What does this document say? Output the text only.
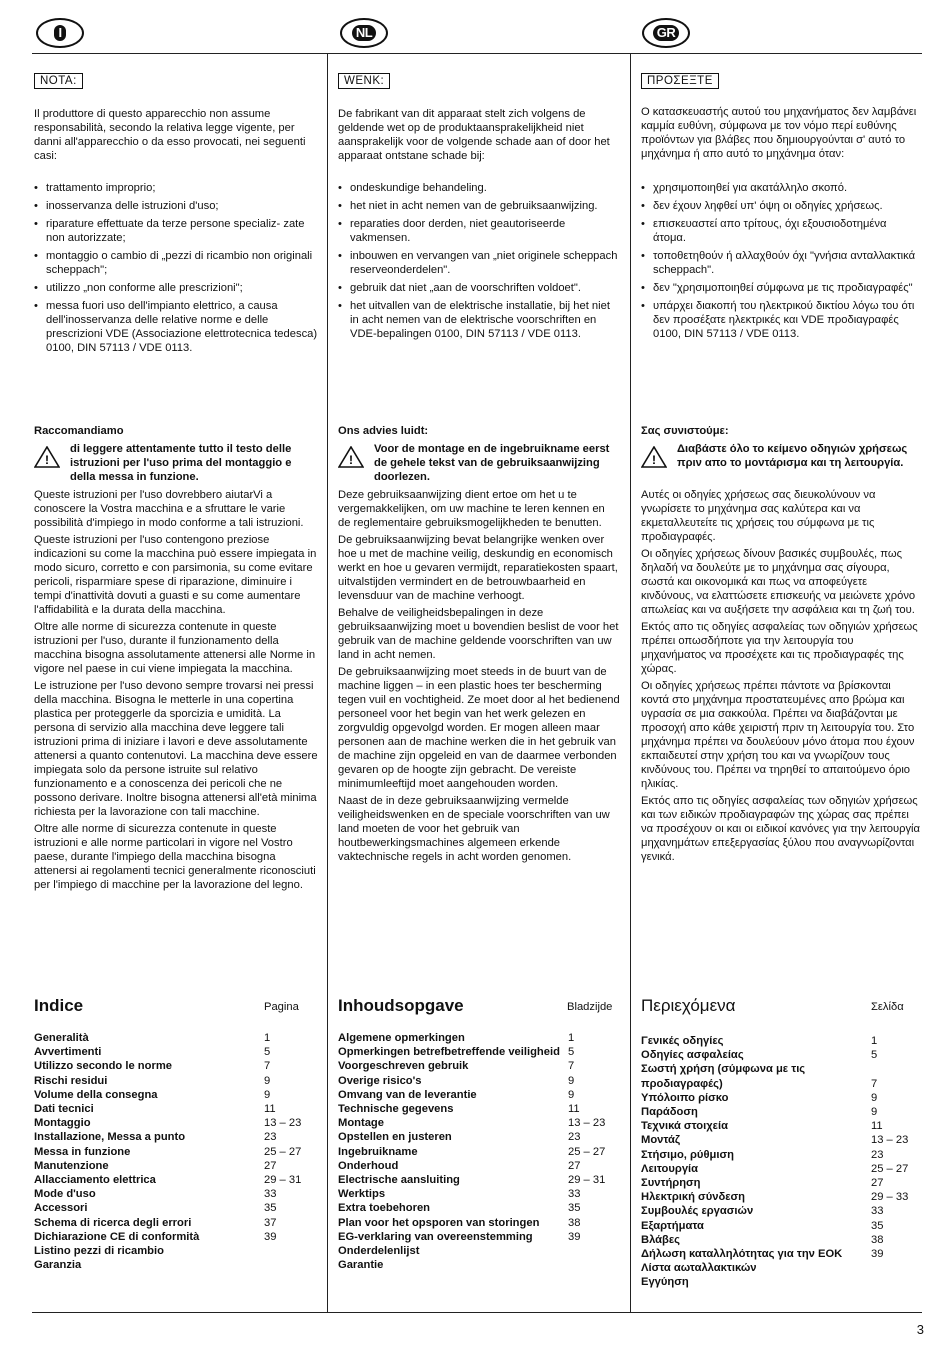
I
NOTA:
Il produttore di questo apparecchio non assume responsabilità, secondo la relativa legge vigente, per danni all'apparecchio o da esso provocati, nei seguenti casi:
• trattamento improprio;
• inosservanza delle istruzioni d'uso;
• riparature effettuate da terze persone specializ- zate non autorizzate;
• montaggio o cambio di „pezzi di ricambio non originali scheppach";
• utilizzo „non conforme alle prescrizioni";
• messa fuori uso dell'impianto elettrico, a causa dell'inosservanza delle relative norme e delle prescrizioni VDE (Associazione elettrotecnica tedesca) 0100, DIN 57113 / VDE 0113.
Raccomandiamo
!
di leggere attentamente tutto il testo delle istruzioni per l'uso prima del montaggio e della messa in funzione.

Queste istruzioni per l'uso dovrebbero aiutarVi a conoscere la Vostra macchina e a sfruttare le varie possibilità d'impiego in modo conforme a tali istruzioni.

Queste istruzioni per l'uso contengono preziose indicazioni su come la macchina può essere impiegata in modo sicuro, corretto e con parsimonia, su come evitare pericoli, risparmiare spese di riparazione, diminuire i tempi d'inattività dovuti a guasti e su come aumentare l'affidabilità e la durata della macchina.

Oltre alle norme di sicurezza contenute in queste istruzioni per l'uso, durante il funzionamento della macchina bisogna assolutamente attenersi alle Norme in vigore nel paese in cui viene impiegata la macchina.

Le istruzione per l'uso devono sempre trovarsi nei pressi della macchina. Bisogna le metterle in una copertina plastica per proteggerle da sporcizia e umidità. La persona di servizio alla macchina deve leggere tali istruzioni prima di iniziare i lavori e deve assolutamente attenersi a quanto contenutovi. La macchina deve essere impiegata solo da persone istruite sul relativo funzionamento e a conoscenza dei pericoli che ne possono derivare. Inoltre bisogna attenersi all'età minima richiesta per la lavorazione con tali macchine.

Oltre alle norme di sicurezza contenute in queste istruzioni e alle norme particolari in vigore nel Vostro paese, durante l'impiego della macchina bisogna attenersi ai regolamenti tecnici generalmente riconosciuti per l'impiego di macchine per la lavorazione del legno.

Indice	Pagina
Generalità	1
Avvertimenti	5
Utilizzo secondo le norme	7
Rischi residui	9
Volume della consegna	9
Dati tecnici	11
Montaggio	13 – 23
Installazione, Messa a punto	23
Messa in funzione	25 – 27
Manutenzione	27
Allacciamento elettrica	29 – 31
Mode d'uso	33
Accessori	35
Schema di ricerca degli errori	37
Dichiarazione CE di conformità	39
Listino pezzi di ricambio
Garanzia
NL
WENK:
De fabrikant van dit apparaat stelt zich volgens de geldende wet op de produktaansprakelijkheid niet aansprakelijk voor de volgende schade aan of door het apparaat ontstane schade bij:
• ondeskundige behandeling.
• het niet in acht nemen van de gebruiksaanwijzing.
• reparaties door derden, niet geautoriseerde vakmensen.
• inbouwen en vervangen van „niet originele scheppach reserveonderdelen".
• gebruik dat niet „aan de voorschriften voldoet".
• het uitvallen van de elektrische installatie, bij het niet in acht nemen van de elektrische voorschriften en VDE-bepalingen 0100, DIN 57113 / VDE 0113.
Ons advies luidt:
!
Voor de montage en de ingebruikname eerst de gehele tekst van de gebruiksaanwijzing doorlezen.

Deze gebruiksaanwijzing dient ertoe om het u te vergemakkelijken, om uw machine te leren kennen en de reglementaire gebruiksmogelijkheden te benutten.

De gebruiksaanwijzing bevat belangrijke wenken over hoe u met de machine veilig, deskundig en economisch werkt en hoe u gevaren vermijdt, reparatiekosten spaart, uitvalstijden vermindert en de betrouwbaarheid en levensduur van de machine verhoogt.

Behalve de veiligheidsbepalingen in deze gebruiksaanwijzing moet u bovendien beslist de voor het gebruik van de machine geldende voorschriften van uw land in acht nemen.

De gebruiksaanwijzing moet steeds in de buurt van de machine liggen – in een plastic hoes ter bescherming tegen vuil en vochtigheid. Ze moet door al het bedienend personeel voor het begin van het werk gelezen en zorgvuldig opgevolgd worden. Er mogen alleen maar personen aan de machine werken die in het gebruik van de machine zijn opgeleid en van de daarmee verbonden gevaren op de hoogte zijn gebracht. De vereiste minimumleeftijd moet aangehouden worden.

Naast de in deze gebruiksaanwijzing vermelde veiligheidswenken en de speciale voorschriften van uw land moeten de voor het gebruik van houtbewerkingsmachines algemeen erkende vaktechnische regels in acht worden genomen.

Inhoudsopgave	Bladzijde
Algemene opmerkingen	1
Opmerkingen betrefbetreffende veiligheid 5
Voorgeschreven gebruik	7
Overige risico's	9
Omvang van de leverantie	9
Technische gegevens	11
Montage	13 – 23
Opstellen en justeren	23
Ingebruikname	25 – 27
Onderhoud	27
Electrische aansluiting	29 – 31
Werktips	33
Extra toebehoren	35
Plan voor het opsporen van storingen	38
EG-verklaring van overeenstemming	39
Onderdelenlijst
Garantie
GR
ΠΡΟΣΕΞΤΕ
Ο κατασκευαστής αυτού του μηχανήματος δεν λαμβάνει καμμία ευθύνη, σύμφωνα με τον νόμο περί ευθύνης προϊόντων για βλάβες που δημιουργούνται σ' αυτό το μηχάνημα ή απο αυτό το μηχάνημα όταν:
• χρησιμοποιηθεί για ακατάλληλο σκοπό.
• δεν έχουν ληφθεί υπ' όψη οι οδηγίες χρήσεως.
• επισκευαστεί απο τρίτους, όχι εξουσιοδοτημένα άτομα.
• τοποθετηθούν ή αλλαχθούν όχι "γνήσια ανταλλακτικά scheppach".
• δεν "χρησιμοποιηθεί σύμφωνα με τις προδιαγραφές"
• υπάρχει διακοπή του ηλεκτρικού δικτίου λόγω του ότι δεν προσέξατε ηλεκτρικές και VDE προδιαγραφές 0100, DIN 57113 / VDE 0113.
Σας συνιστούμε:
!
Διαβάστε όλο το κείμενο οδηγιών χρήσεως πριν απο το μοντάρισμα και τη λειτουργία.

Αυτές οι οδηγίες χρήσεως σας διευκολύνουν να γνωρίσετε το μηχάνημα σας καλύτερα και να εκμεταλλευτείτε τις χρήσεις του σύμφωνα με τις προδιαγραφές.

Οι οδηγίες χρήσεως δίνουν βασικές συμβουλές, πως δηλαδή να δουλεύτε με το μηχάνημα σας σίγουρα, σωστά και οικονομικά και πως να αποφεύγετε κινδύνους, να ελαττώσετε επισκευής να μειώνετε χρόνο απωλείας και να αυξήσετε την ασφάλεια και τη ζωή του.

Εκτός απο τις οδηγίες ασφαλείας των οδηγιών χρήσεως πρέπει οπωσδήποτε για την λειτουργία του μηχανήματος να προσέχετε και τις προδιαγραφές της χώρας.

Οι οδηγίες χρήσεως πρέπει πάντοτε να βρίσκονται κοντά στο μηχάνημα προστατευμένες απο βρώμα και υγρασία σε μια σακκούλα. Πρέπει να διαβάζονται με προσοχή απο κάθε χειριστή πριν τη λειτουργία του. Στο μηχάνημα πρέπει να δουλεύουν μόνο άτομα που έχουν εκπαιδευτεί στην χρήση του και να γνωρίζουν τους κινδύνους του. Πρέπει να τηρηθεί το απαιτούμενο όριο ηλικίας.

Εκτός απο τις οδηγίες ασφαλείας των οδηγιών χρήσεως και των ειδικών προδιαγραφών της χώρας σας πρέπει να προσέχουν οι και οι ειδικοί κανόνες για την λειτουργία μηχανημάτων επεξεργασίας ξύλου που αναγνωρίζονται γενικά.

Περιεχόμενα	Σελίδα
Γενικές οδηγίες	1
Οδηγίες ασφαλείας	5
Σωστή χρήση (σύμφωνα με τις
προδιαγραφές)	7
Υπόλοιπο ρίσκο	9
Παράδοση	9
Τεχνικά στοιχεία	11
Μοντάζ	13 – 23
Στήσιμο, ρύθμιση	23
Λειτουργία	25 – 27
Συντήρηση	27
Ηλεκτρική σύνδεση	29 – 33
Συμβουλές εργασιών	33
Εξαρτήματα	35
Βλάβες	38
Δήλωση καταλληλότητας για την ΕΟΚ	39
Λίστα αωταλλακτικών
Εγγύηση
3
